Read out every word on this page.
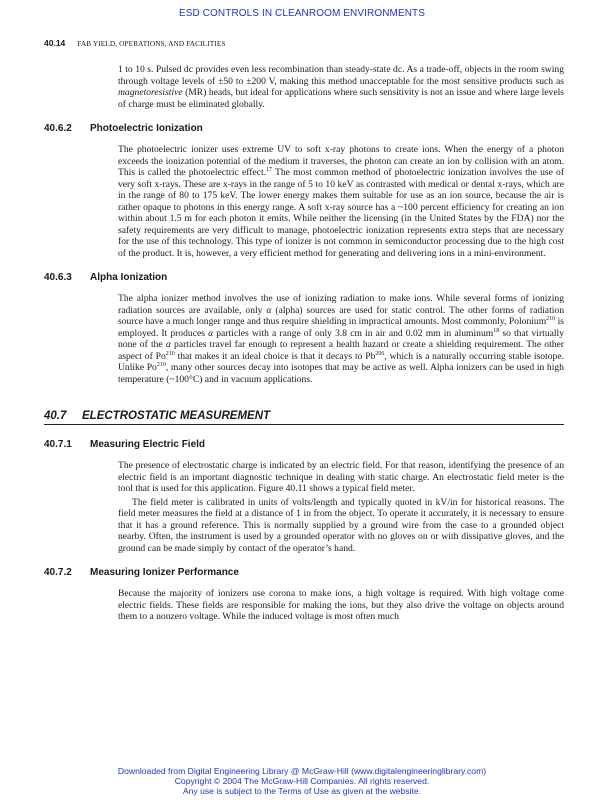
ESD CONTROLS IN CLEANROOM ENVIRONMENTS
40.14 FAB YIELD, OPERATIONS, AND FACILITIES

1 to 10 s. Pulsed dc provides even less recombination than steady-state dc. As a trade-off, objects in the room swing through voltage levels of ±50 to ±200 V, making this method unacceptable for the most sensitive products such as magnetoresistive (MR) heads, but ideal for applications where such sensitivity is not an issue and where large levels of charge must be eliminated globally.

40.6.2 Photoelectric Ionization

The photoelectric ionizer uses extreme UV to soft x-ray photons to create ions. When the energy of a photon exceeds the ionization potential of the medium it traverses, the photon can create an ion by collision with an atom. This is called the photoelectric effect.$^{17}$ The most common method of photoelectric ionization involves the use of very soft x-rays. These are x-rays in the range of 5 to 10 keV as contrasted with medical or dental x-rays, which are in the range of 80 to 175 keV. The lower energy makes them suitable for use as an ion source, because the air is rather opaque to photons in this energy range. A soft x-ray source has a ~100 percent efficiency for creating an ion within about 1.5 m for each photon it emits. While neither the licensing (in the United States by the FDA) nor the safety requirements are very difficult to manage, photoelectric ionization represents extra steps that are necessary for the use of this technology. This type of ionizer is not common in semiconductor processing due to the high cost of the product. It is, however, a very efficient method for generating and delivering ions in a mini-environment.

40.6.3 Alpha Ionization

The alpha ionizer method involves the use of ionizing radiation to make ions. While several forms of ionizing radiation sources are available, only α (alpha) sources are used for static control. The other forms of radiation source have a much longer range and thus require shielding in impractical amounts. Most commonly, Polonium$^{210}$ is employed. It produces α particles with a range of only 3.8 cm in air and 0.02 mm in aluminum$^{18}$ so that virtually none of the α particles travel far enough to represent a health hazard or create a shielding requirement. The other aspect of Po$^{210}$ that makes it an ideal choice is that it decays to Pb$^{206}$, which is a naturally occurring stable isotope. Unlike Po$^{210}$, many other sources decay into isotopes that may be active as well. Alpha ionizers can be used in high temperature (~100°C) and in vacuum applications.

40.7 ELECTROSTATIC MEASUREMENT
40.7.1 Measuring Electric Field

The presence of electrostatic charge is indicated by an electric field. For that reason, identifying the presence of an electric field is an important diagnostic technique in dealing with static charge. An electrostatic field meter is the tool that is used for this application. Figure 40.11 shows a typical field meter.

The field meter is calibrated in units of volts/length and typically quoted in kV/in for historical reasons. The field meter measures the field at a distance of 1 in from the object. To operate it accurately, it is necessary to ensure that it has a ground reference. This is normally supplied by a ground wire from the case to a grounded object nearby. Often, the instrument is used by a grounded operator with no gloves on or with dissipative gloves, and the ground can be made simply by contact of the operator’s hand.

40.7.2 Measuring Ionizer Performance

Because the majority of ionizers use corona to make ions, a high voltage is required. With high voltage come electric fields. These fields are responsible for making the ions, but they also drive the voltage on objects around them to a nonzero voltage. While the induced voltage is most often much

Downloaded from Digital Engineering Library @ McGraw-Hill (www.digitalengineeringlibrary.com)
Copyright © 2004 The McGraw-Hill Companies. All rights reserved.
Any use is subject to the Terms of Use as given at the website.
